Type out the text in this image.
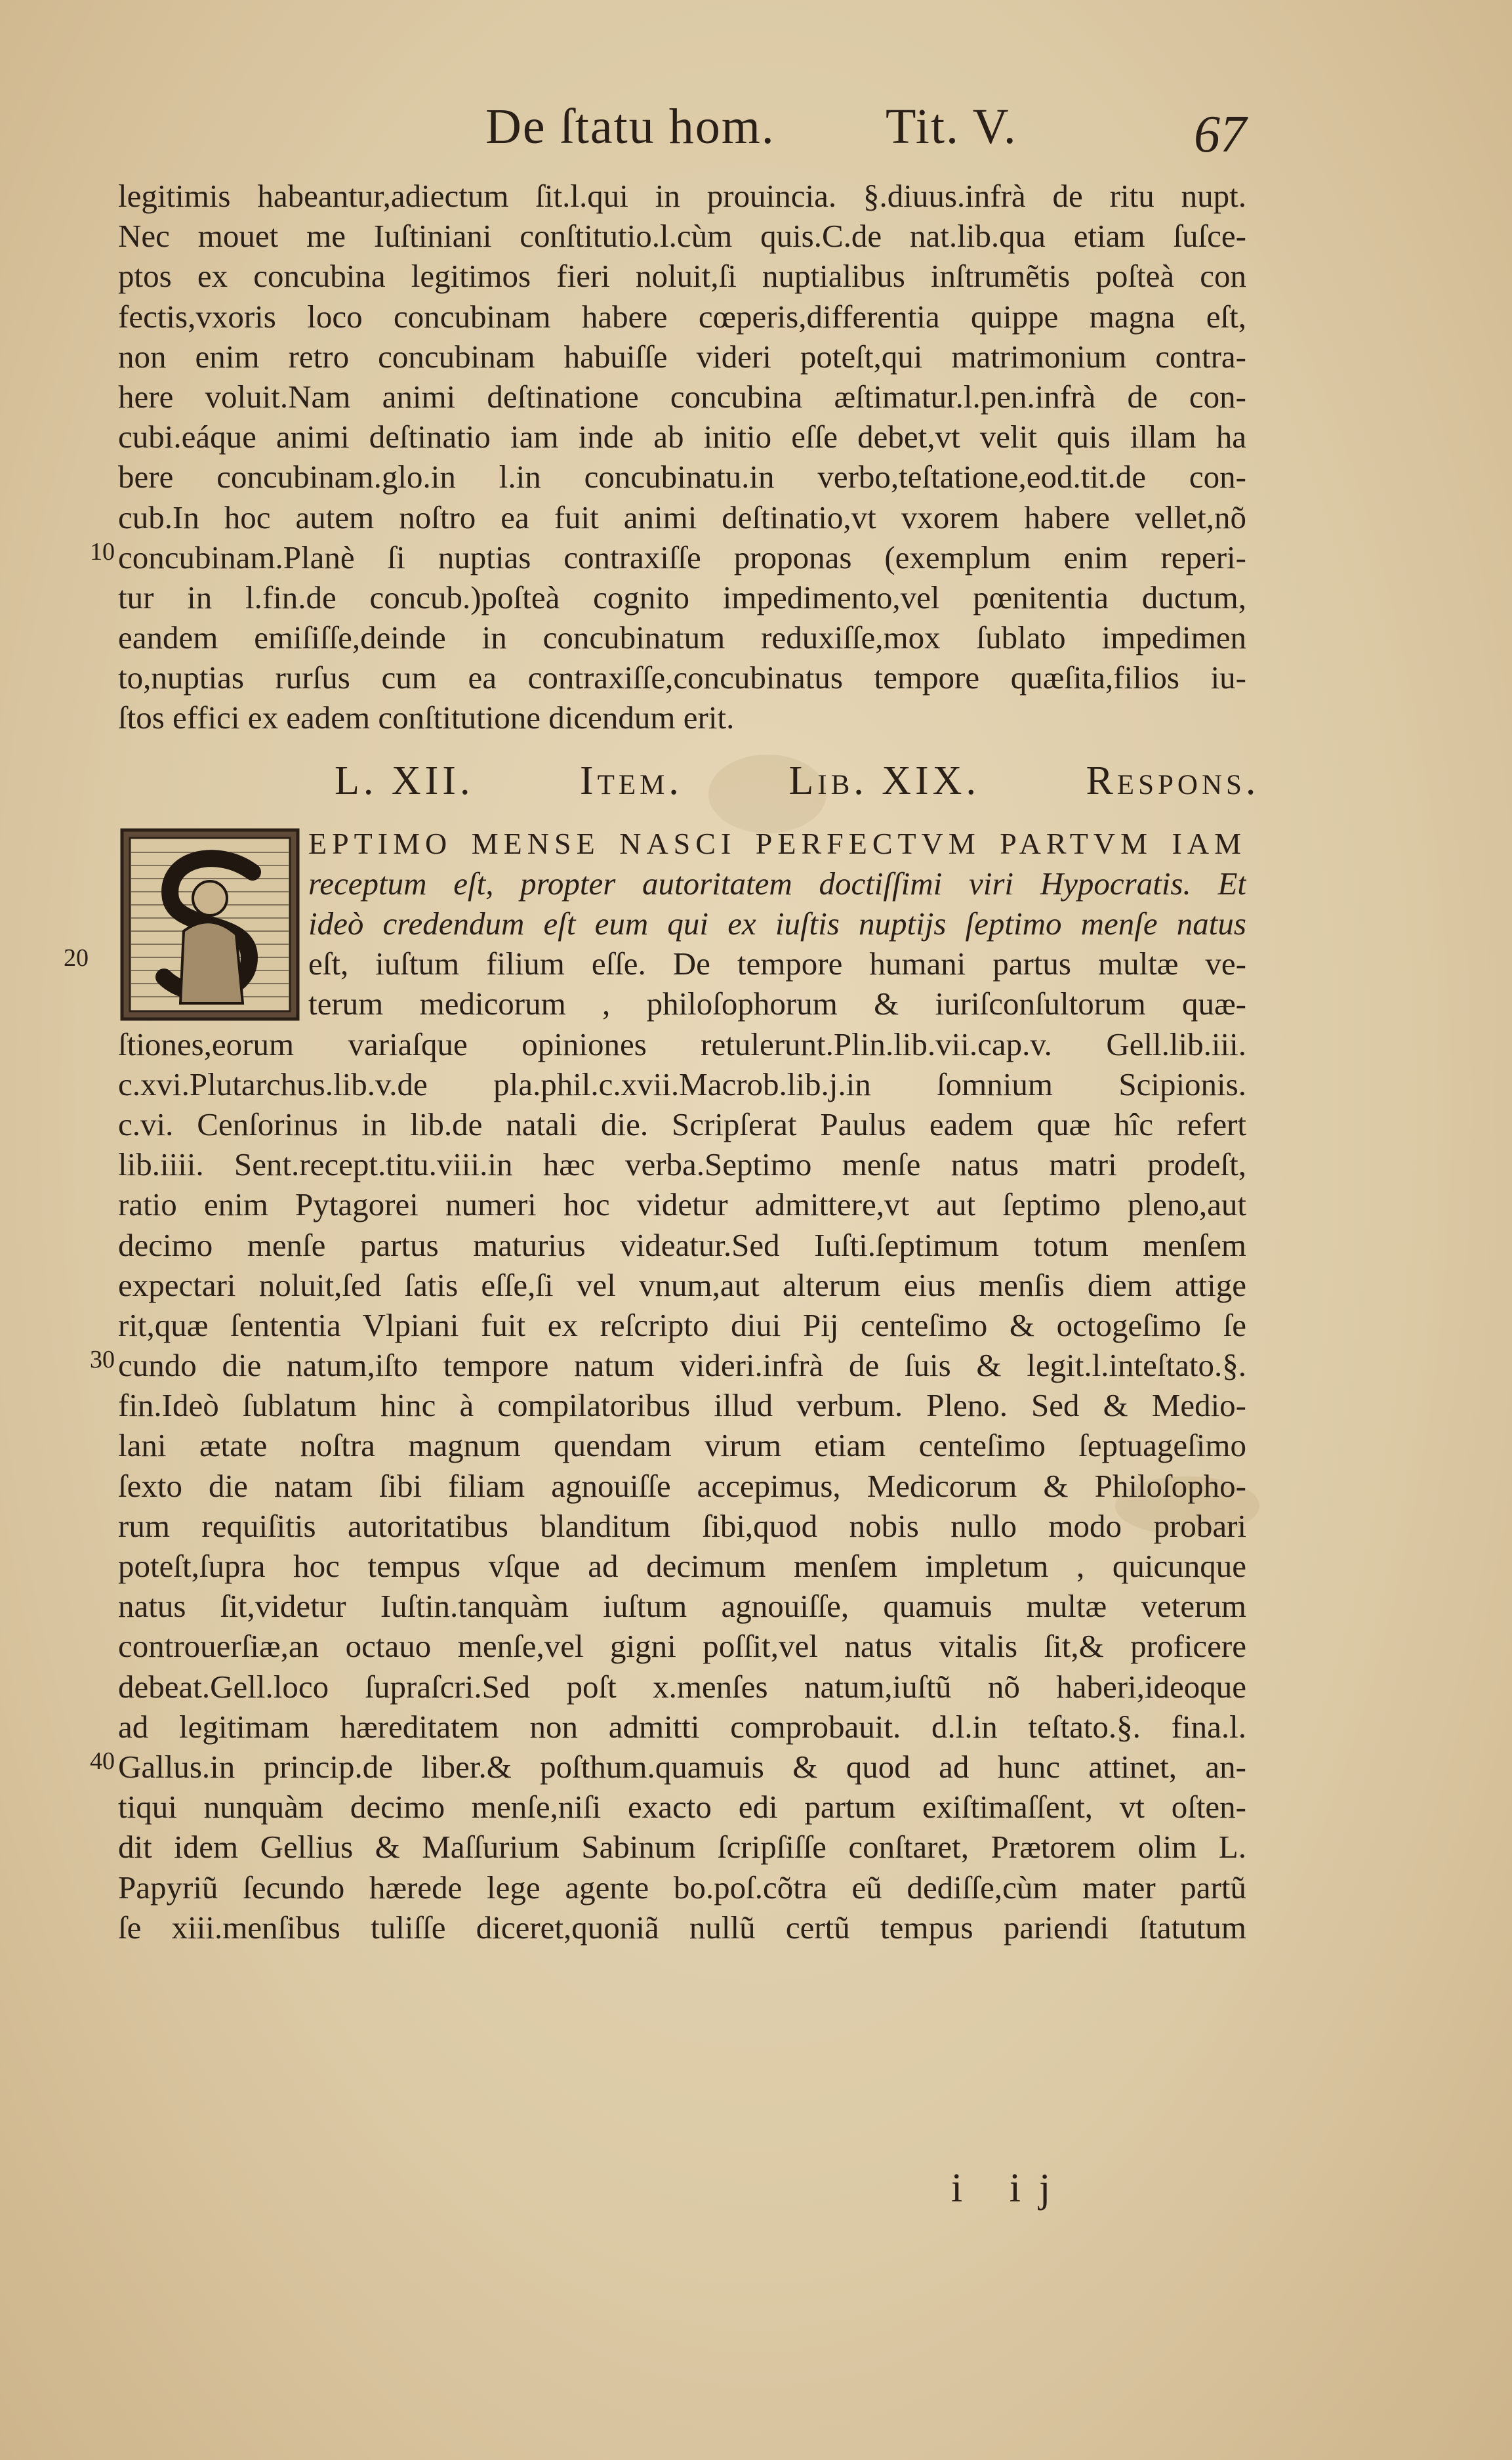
De ſtatu hom. Tit. V.	67
legitimis habeantur,adiectum ſit.l.qui in prouincia. §.diuus.infrà de ritu nupt.
Nec mouet me Iuſtiniani conſtitutio.l.cùm quis.C.de nat.lib.qua etiam ſuſce-
ptos ex concubina legitimos fieri noluit,ſi nuptialibus inſtrumẽtis poſteà con
fectis,vxoris loco concubinam habere cœperis,differentia quippe magna eſt,
non enim retro concubinam habuiſſe videri poteſt,qui matrimonium contra-
here voluit.Nam animi deſtinatione concubina æſtimatur.l.pen.infrà de con-
cubi.eáque animi deſtinatio iam inde ab initio eſſe debet,vt velit quis illam ha
bere concubinam.glo.in l.in concubinatu.in verbo,teſtatione,eod.tit.de con-
cub.In hoc autem noſtro ea fuit animi deſtinatio,vt vxorem habere vellet,nõ
10 concubinam.Planè ſi nuptias contraxiſſe proponas (exemplum enim reperi-
tur in l.fin.de concub.)poſteà cognito impedimento,vel pœnitentia ductum,
eandem emiſiſſe,deinde in concubinatum reduxiſſe,mox ſublato impedimen
to,nuptias rurſus cum ea contraxiſſe,concubinatus tempore quæſita,filios iu-
ſtos effici ex eadem conſtitutione dicendum erit.
L. XII.	Item.	Lib. XIX.	Respons.
EPTIMO MENSE NASCI PERFECTVM PARTVM IAM
receptum eſt, propter autoritatem doctiſſimi viri Hypocratis. Et
ideò credendum eſt eum qui ex iuſtis nuptijs ſeptimo menſe natus
20	eſt, iuſtum filium eſſe. De tempore humani partus multæ ve-
terum medicorum , philoſophorum & iuriſconſultorum quæ-
ſtiones,eorum variaſque opiniones retulerunt.Plin.lib.vii.cap.v. Gell.lib.iii.
c.xvi.Plutarchus.lib.v.de pla.phil.c.xvii.Macrob.lib.j.in ſomnium Scipionis.
c.vi. Cenſorinus in lib.de natali die. Scripſerat Paulus eadem quæ hîc refert
lib.iiii. Sent.recept.titu.viii.in hæc verba.Septimo menſe natus matri prodeſt,
ratio enim Pytagorei numeri hoc videtur admittere,vt aut ſeptimo pleno,aut
decimo menſe partus maturius videatur.Sed Iuſti.ſeptimum totum menſem
expectari noluit,ſed ſatis eſſe,ſi vel vnum,aut alterum eius menſis diem attige
rit,quæ ſententia Vlpiani fuit ex reſcripto diui Pij centeſimo & octogeſimo ſe
30 cundo die natum,iſto tempore natum videri.infrà de ſuis & legit.l.inteſtato.§.
fin.Ideò ſublatum hinc à compilatoribus illud verbum. Pleno. Sed & Medio-
lani ætate noſtra magnum quendam virum etiam centeſimo ſeptuageſimo
ſexto die natam ſibi filiam agnouiſſe accepimus, Medicorum & Philoſopho-
rum requiſitis autoritatibus blanditum ſibi,quod nobis nullo modo probari
poteſt,ſupra hoc tempus vſque ad decimum menſem impletum , quicunque
natus ſit,videtur Iuſtin.tanquàm iuſtum agnouiſſe, quamuis multæ veterum
controuerſiæ,an octauo menſe,vel gigni poſſit,vel natus vitalis ſit,& proficere
debeat.Gell.loco ſupraſcri.Sed poſt x.menſes natum,iuſtũ nõ haberi,ideoque
ad legitimam hæreditatem non admitti comprobauit. d.l.in teſtato.§. fina.l.
40 Gallus.in princip.de liber.& poſthum.quamuis & quod ad hunc attinet, an-
tiqui nunquàm decimo menſe,niſi exacto edi partum exiſtimaſſent, vt oſten-
dit idem Gellius & Maſſurium Sabinum ſcripſiſſe conſtaret, Prætorem olim L.
Papyriũ ſecundo hærede lege agente bo.poſ.cõtra eũ dediſſe,cùm mater partũ
ſe xiii.menſibus tuliſſe diceret,quoniã nullũ certũ tempus pariendi ſtatutum
i ij
